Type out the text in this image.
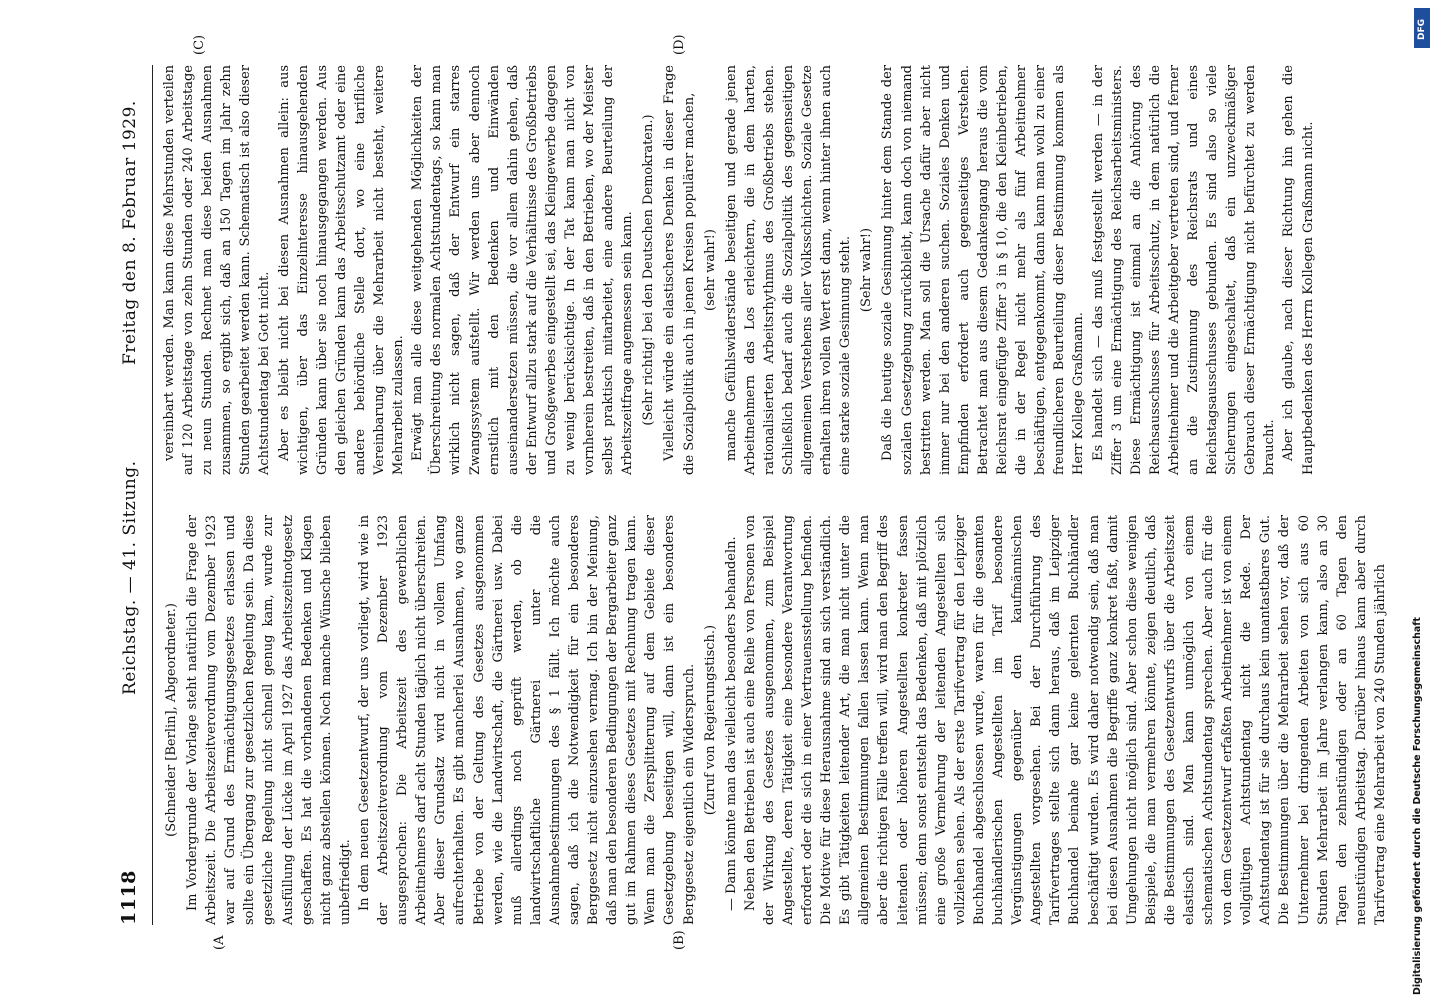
1118
Reichstag. — 41. Sitzung.
Freitag den 8. Februar 1929.
(A	(B)
(C)	(D)

(Schneider [Berlin], Abgeordneter.) Im Vordergrunde der Vorlage steht natürlich die Frage der Arbeitszeit. Die Arbeitszeitverordnung vom Dezember 1923 war auf Grund des Ermächtigungsgesetzes erlassen und sollte ein Übergang zur gesetzlichen Regelung sein. Da diese gesetzliche Regelung nicht schnell genug kam, wurde zur Ausfüllung der Lücke im April 1927 das Arbeitszeitnotgesetz geschaffen. Es hat die vorhandenen Bedenken und Klagen nicht ganz abstellen können. Noch manche Wünsche blieben unbefriedigt. In dem neuen Gesetzentwurf, der uns vorliegt, wird wie in der Arbeitszeitverordnung vom Dezember 1923 ausgesprochen: Die Arbeitszeit des gewerblichen Arbeitnehmers darf acht Stunden täglich nicht überschreiten. Aber dieser Grundsatz wird nicht in vollem Umfang aufrechterhalten. Es gibt mancherlei Ausnahmen, wo ganze Betriebe von der Geltung des Gesetzes ausgenommen werden, wie die Landwirtschaft, die Gärtnerei usw. Dabei muß allerdings noch geprüft werden, ob die landwirtschaftliche Gärtnerei unter die Ausnahmebestimmungen des § 1 fällt. Ich möchte auch sagen, daß ich die Notwendigkeit für ein besonderes Berggesetz nicht einzusehen vermag. Ich bin der Meinung, daß man den besonderen Bedingungen der Bergarbeiter ganz gut im Rahmen dieses Gesetzes mit Rechnung tragen kann. Wenn man die Zersplitterung auf dem Gebiete dieser Gesetzgebung beseitigen will, dann ist ein besonderes Berggesetz eigentlich ein Widerspruch. (Zuruf von Regierungstisch.) — Dann könnte man das vielleicht besonders behandeln. Neben den Betrieben ist auch eine Reihe von Personen von der Wirkung des Gesetzes ausgenommen, zum Beispiel Angestellte, deren Tätigkeit eine besondere Verantwortung erfordert oder die sich in einer Vertrauensstellung befinden. Die Motive für diese Herausnahme sind an sich verständlich. Es gibt Tätigkeiten leitender Art, die man nicht unter die allgemeinen Bestimmungen fallen lassen kann. Wenn man aber die richtigen Fälle treffen will, wird man den Begriff des leitenden oder höheren Angestellten konkreter fassen müssen; denn sonst entsteht das Bedenken, daß mit plötzlich eine große Vermehrung der leitenden Angestellten sich vollziehen sehen. Als der erste Tarifvertrag für den Leipziger Buchhandel abgeschlossen wurde, waren für die gesamten buchhändlerischen Angestellten im Tarif besondere Vergünstigungen gegenüber den kaufmännischen Angestellten vorgesehen. Bei der Durchführung des Tarifvertrages stellte sich dann heraus, daß im Leipziger Buchhandel beinahe gar keine gelernten Buchhändler beschäftigt wurden. Es wird daher notwendig sein, daß man bei diesen Ausnahmen die Begriffe ganz konkret faßt, damit Umgehungen nicht möglich sind. Aber schon diese wenigen Beispiele, die man vermehren könnte, zeigen deutlich, daß die Bestimmungen des Gesetzentwurfs über die Arbeitszeit elastisch sind. Man kann unmöglich von einem schematischen Achtstundentag sprechen. Aber auch für die von dem Gesetzentwurf erfaßten Arbeitnehmer ist von einem vollgültigen Achtstundentag nicht die Rede. Der Achtstundentag ist für sie durchaus kein unantastbares Gut. Die Bestimmungen über die Mehrarbeit sehen vor, daß der Unternehmer bei dringenden Arbeiten von sich aus 60 Stunden Mehrarbeit im Jahre verlangen kann, also an 30 Tagen den zehnstündigen oder an 60 Tagen den neunstündigen Arbeitstag. Darüber hinaus kann aber durch Tarifvertrag eine Mehrarbeit von 240 Stunden jährlich

vereinbart werden. Man kann diese Mehrstunden verteilen auf 120 Arbeitstage von zehn Stunden oder 240 Arbeitstage zu neun Stunden. Rechnet man diese beiden Ausnahmen zusammen, so ergibt sich, daß an 150 Tagen im Jahr zehn Stunden gearbeitet werden kann. Schematisch ist also dieser Achtstundentag bei Gott nicht. Aber es bleibt nicht bei diesen Ausnahmen allein: aus wichtigen, über das Einzelinteresse hinausgehenden Gründen kann über sie noch hinausgegangen werden. Aus den gleichen Gründen kann das Arbeitsschutzamt oder eine andere behördliche Stelle dort, wo eine tarifliche Vereinbarung über die Mehrarbeit nicht besteht, weitere Mehrarbeit zulassen. Erwägt man alle diese weitgehenden Möglichkeiten der Überschreitung des normalen Achtstundentags, so kann man wirklich nicht sagen, daß der Entwurf ein starres Zwangssystem aufstellt. Wir werden uns aber dennoch ernstlich mit den Bedenken und Einwänden auseinandersetzen müssen, die vor allem dahin gehen, daß der Entwurf allzu stark auf die Verhältnisse des Großbetriebs und Großgewerbes eingestellt sei, das Kleingewerbe dagegen zu wenig berücksichtige. In der Tat kann man nicht von vornherein bestreiten, daß in den Betrieben, wo der Meister selbst praktisch mitarbeitet, eine andere Beurteilung der Arbeitszeitfrage angemessen sein kann. (Sehr richtig! bei den Deutschen Demokraten.) Vielleicht würde ein elastischeres Denken in dieser Frage die Sozialpolitik auch in jenen Kreisen populärer machen, (sehr wahr!) manche Gefühlswiderstände beseitigen und gerade jenen Arbeitnehmern das Los erleichtern, die in dem harten, rationalisierten Arbeitsrhythmus des Großbetriebs stehen. Schließlich bedarf auch die Sozialpolitik des gegenseitigen allgemeinen Verstehens aller Volksschichten. Soziale Gesetze erhalten ihren vollen Wert erst dann, wenn hinter ihnen auch eine starke soziale Gesinnung steht. (Sehr wahr!) Daß die heutige soziale Gesinnung hinter dem Stande der sozialen Gesetzgebung zurückbleibt, kann doch von niemand bestritten werden. Man soll die Ursache dafür aber nicht immer nur bei den anderen suchen. Soziales Denken und Empfinden erfordert auch gegenseitiges Verstehen. Betrachtet man aus diesem Gedankengang heraus die vom Reichsrat eingefügte Ziffer 3 in § 10, die den Kleinbetrieben, die in der Regel nicht mehr als fünf Arbeitnehmer beschäftigen, entgegenkommt, dann kann man wohl zu einer freundlicheren Beurteilung dieser Bestimmung kommen als Herr Kollege Graßmann. Es handelt sich — das muß festgestellt werden — in der Ziffer 3 um eine Ermächtigung des Reichsarbeitsministers. Diese Ermächtigung ist einmal an die Anhörung des Reichsausschusses für Arbeitsschutz, in dem natürlich die Arbeitnehmer und die Arbeitgeber vertreten sind, und ferner an die Zustimmung des Reichsrats und eines Reichstagsausschusses gebunden. Es sind also so viele Sicherungen eingeschaltet, daß ein unzweckmäßiger Gebrauch dieser Ermächtigung nicht befürchtet zu werden braucht. Aber ich glaube, nach dieser Richtung hin gehen die Hauptbedenken des Herrn Kollegen Graßmann nicht.

DFG
Digitalisierung gefördert durch die Deutsche Forschungsgemeinschaft
